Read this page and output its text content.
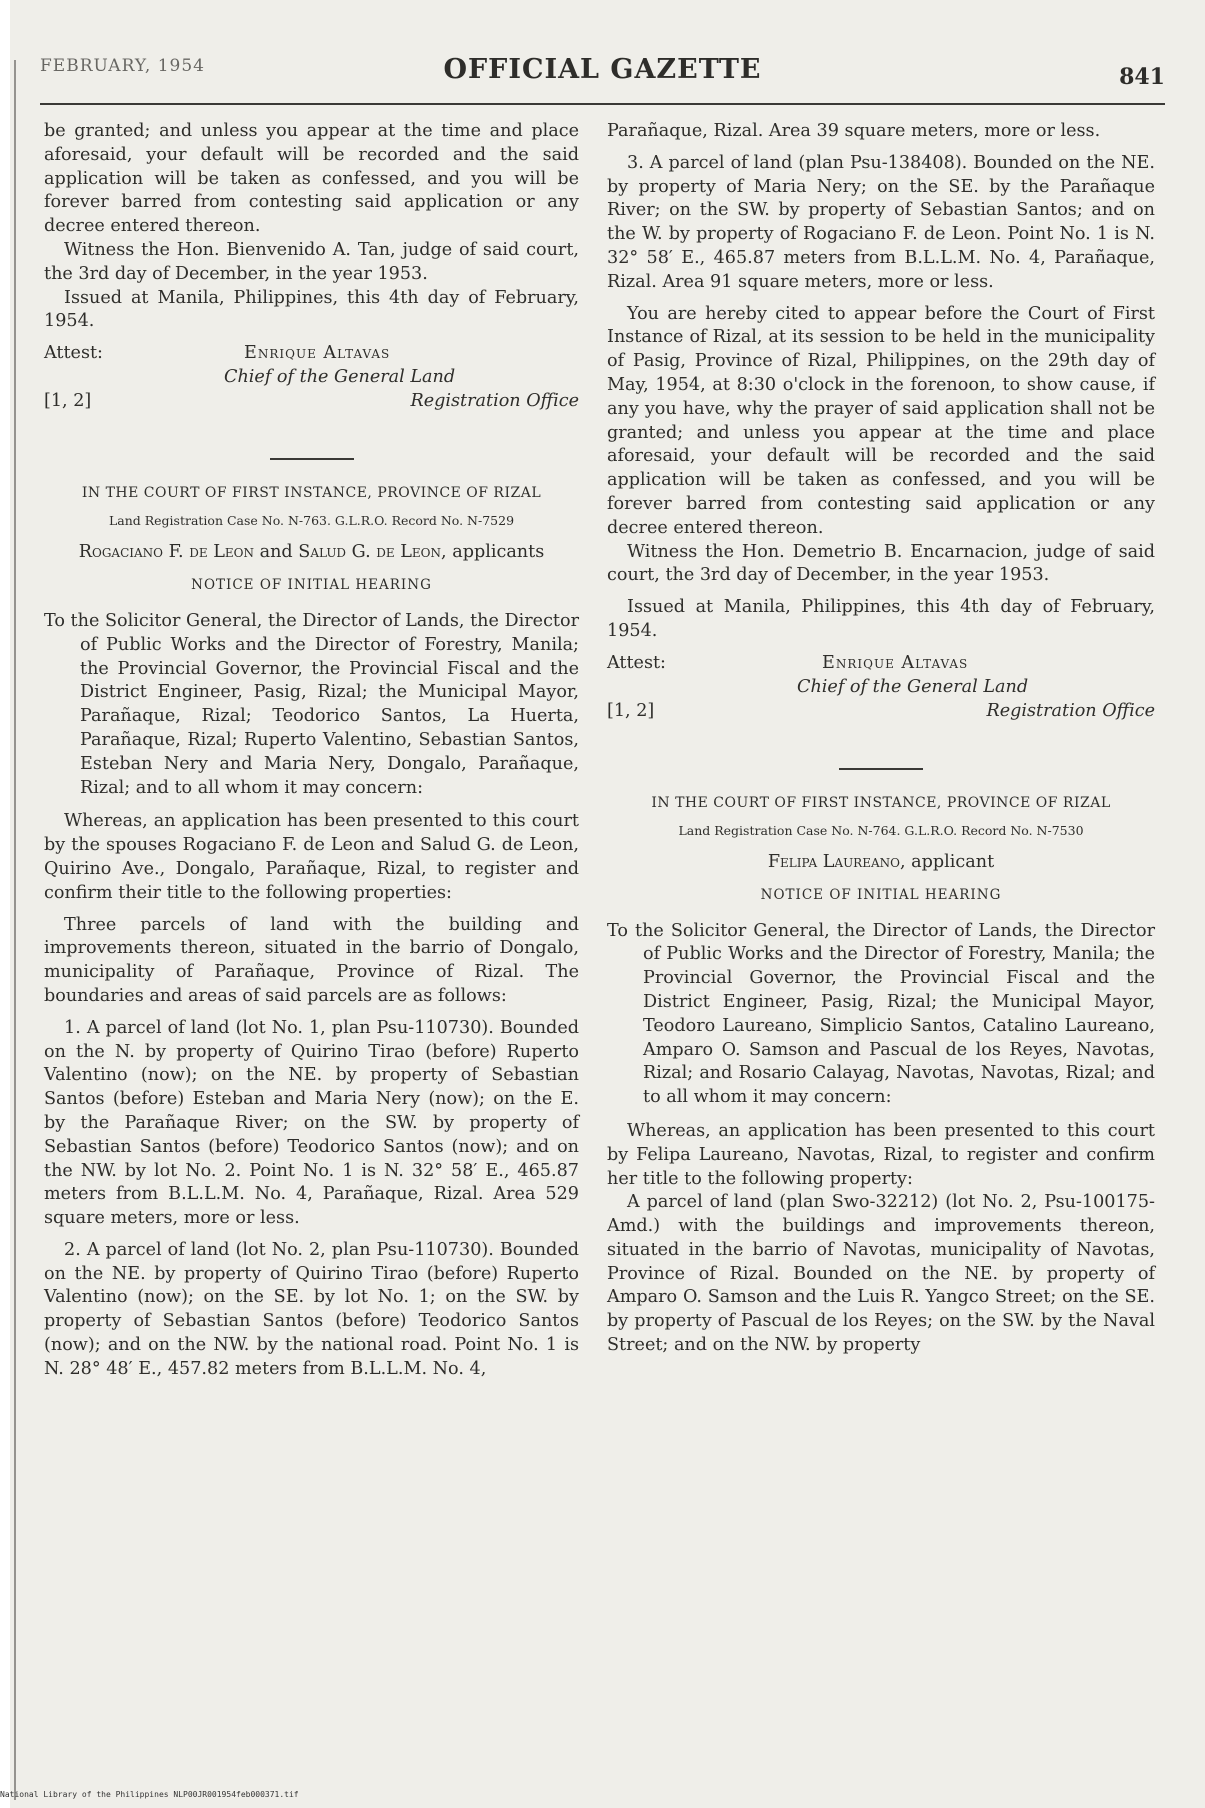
FEBRUARY, 1954	OFFICIAL GAZETTE	841

be granted; and unless you appear at the time and place aforesaid, your default will be recorded and the said application will be taken as confessed, and you will be forever barred from contesting said application or any decree entered thereon.

Witness the Hon. Bienvenido A. Tan, judge of said court, the 3rd day of December, in the year 1953.

Issued at Manila, Philippines, this 4th day of February, 1954.

Attest:	Enrique Altavas
Chief of the General Land
[1, 2]	Registration Office
IN THE COURT OF FIRST INSTANCE, PROVINCE OF RIZAL
Land Registration Case No. N-763. G.L.R.O. Record No. N-7529
Rogaciano F. de Leon and Salud G. de Leon, applicants
NOTICE OF INITIAL HEARING

To the Solicitor General, the Director of Lands, the Director of Public Works and the Director of Forestry, Manila; the Provincial Governor, the Provincial Fiscal and the District Engineer, Pasig, Rizal; the Municipal Mayor, Parañaque, Rizal; Teodorico Santos, La Huerta, Parañaque, Rizal; Ruperto Valentino, Sebastian Santos, Esteban Nery and Maria Nery, Dongalo, Parañaque, Rizal; and to all whom it may concern:

Whereas, an application has been presented to this court by the spouses Rogaciano F. de Leon and Salud G. de Leon, Quirino Ave., Dongalo, Parañaque, Rizal, to register and confirm their title to the following properties:

Three parcels of land with the building and improvements thereon, situated in the barrio of Dongalo, municipality of Parañaque, Province of Rizal. The boundaries and areas of said parcels are as follows:

1. A parcel of land (lot No. 1, plan Psu-110730). Bounded on the N. by property of Quirino Tirao (before) Ruperto Valentino (now); on the NE. by property of Sebastian Santos (before) Esteban and Maria Nery (now); on the E. by the Parañaque River; on the SW. by property of Sebastian Santos (before) Teodorico Santos (now); and on the NW. by lot No. 2. Point No. 1 is N. 32° 58′ E., 465.87 meters from B.L.L.M. No. 4, Parañaque, Rizal. Area 529 square meters, more or less.

2. A parcel of land (lot No. 2, plan Psu-110730). Bounded on the NE. by property of Quirino Tirao (before) Ruperto Valentino (now); on the SE. by lot No. 1; on the SW. by property of Sebastian Santos (before) Teodorico Santos (now); and on the NW. by the national road. Point No. 1 is N. 28° 48′ E., 457.82 meters from B.L.L.M. No. 4,

Parañaque, Rizal. Area 39 square meters, more or less.

3. A parcel of land (plan Psu-138408). Bounded on the NE. by property of Maria Nery; on the SE. by the Parañaque River; on the SW. by property of Sebastian Santos; and on the W. by property of Rogaciano F. de Leon. Point No. 1 is N. 32° 58′ E., 465.87 meters from B.L.L.M. No. 4, Parañaque, Rizal. Area 91 square meters, more or less.

You are hereby cited to appear before the Court of First Instance of Rizal, at its session to be held in the municipality of Pasig, Province of Rizal, Philippines, on the 29th day of May, 1954, at 8:30 o'clock in the forenoon, to show cause, if any you have, why the prayer of said application shall not be granted; and unless you appear at the time and place aforesaid, your default will be recorded and the said application will be taken as confessed, and you will be forever barred from contesting said application or any decree entered thereon.

Witness the Hon. Demetrio B. Encarnacion, judge of said court, the 3rd day of December, in the year 1953.

Issued at Manila, Philippines, this 4th day of February, 1954.

Attest:	Enrique Altavas
Chief of the General Land
[1, 2]	Registration Office
IN THE COURT OF FIRST INSTANCE, PROVINCE OF RIZAL
Land Registration Case No. N-764. G.L.R.O. Record No. N-7530
Felipa Laureano, applicant
NOTICE OF INITIAL HEARING

To the Solicitor General, the Director of Lands, the Director of Public Works and the Director of Forestry, Manila; the Provincial Governor, the Provincial Fiscal and the District Engineer, Pasig, Rizal; the Municipal Mayor, Teodoro Laureano, Simplicio Santos, Catalino Laureano, Amparo O. Samson and Pascual de los Reyes, Navotas, Rizal; and Rosario Calayag, Navotas, Navotas, Rizal; and to all whom it may concern:

Whereas, an application has been presented to this court by Felipa Laureano, Navotas, Rizal, to register and confirm her title to the following property:

A parcel of land (plan Swo-32212) (lot No. 2, Psu-100175-Amd.) with the buildings and improvements thereon, situated in the barrio of Navotas, municipality of Navotas, Province of Rizal. Bounded on the NE. by property of Amparo O. Samson and the Luis R. Yangco Street; on the SE. by property of Pascual de los Reyes; on the SW. by the Naval Street; and on the NW. by property

National Library of the Philippines NLP00JR001954feb000371.tif
